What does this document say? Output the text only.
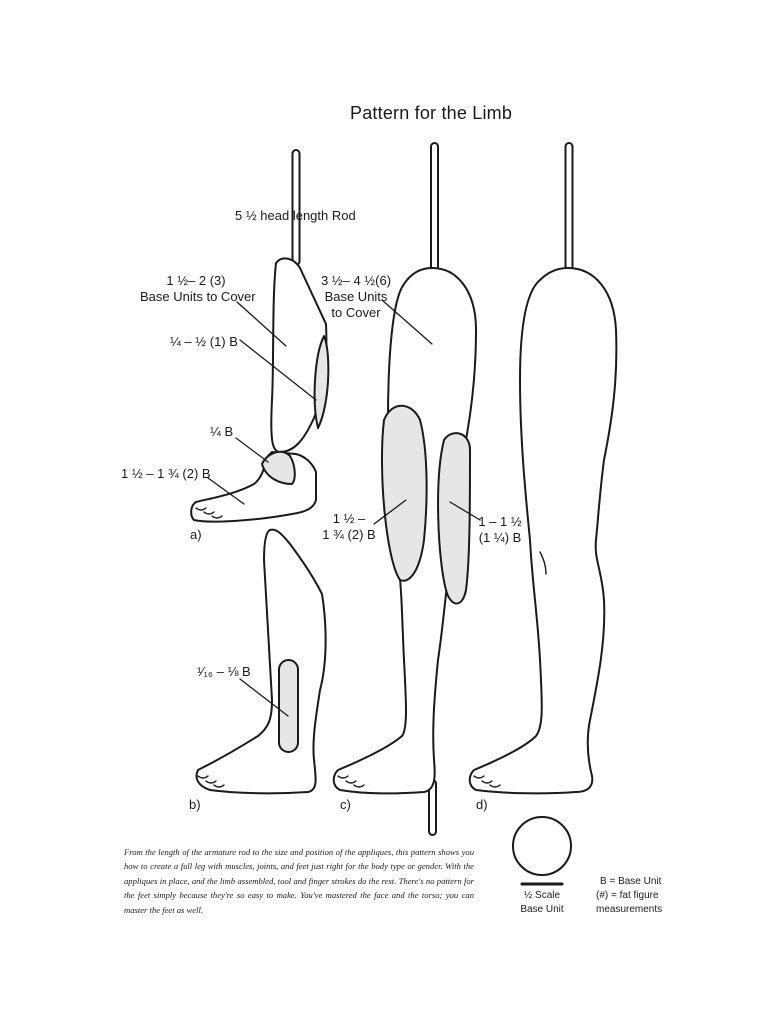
Pattern for the Limb
5 ½ head length Rod
1 ½– 2 (3)
Base Units to Cover
¼ – ½ (1) B
¼ B
1 ½ – 1 ¾ (2) B
3 ½– 4 ½(6)
Base Units
to Cover
1 ½ –
1 ¾ (2) B
1 – 1 ½
(1 ¼) B
¹⁄₁₆ – ⅛ B
a)
b)	c)	d)
From the length of the armature rod to the size and position of the appliques, this pattern shows you how to create a full leg with muscles, joints, and feet just right for the body type or gender. With the appliques in place, and the limb assembled, tool and finger strokes do the rest. There's no pattern for the feet simply because they're so easy to make. You've mastered the face and the torso; you can master the feet as well.
½ Scale
Base Unit
B = Base Unit
(#) = fat figure
measurements
